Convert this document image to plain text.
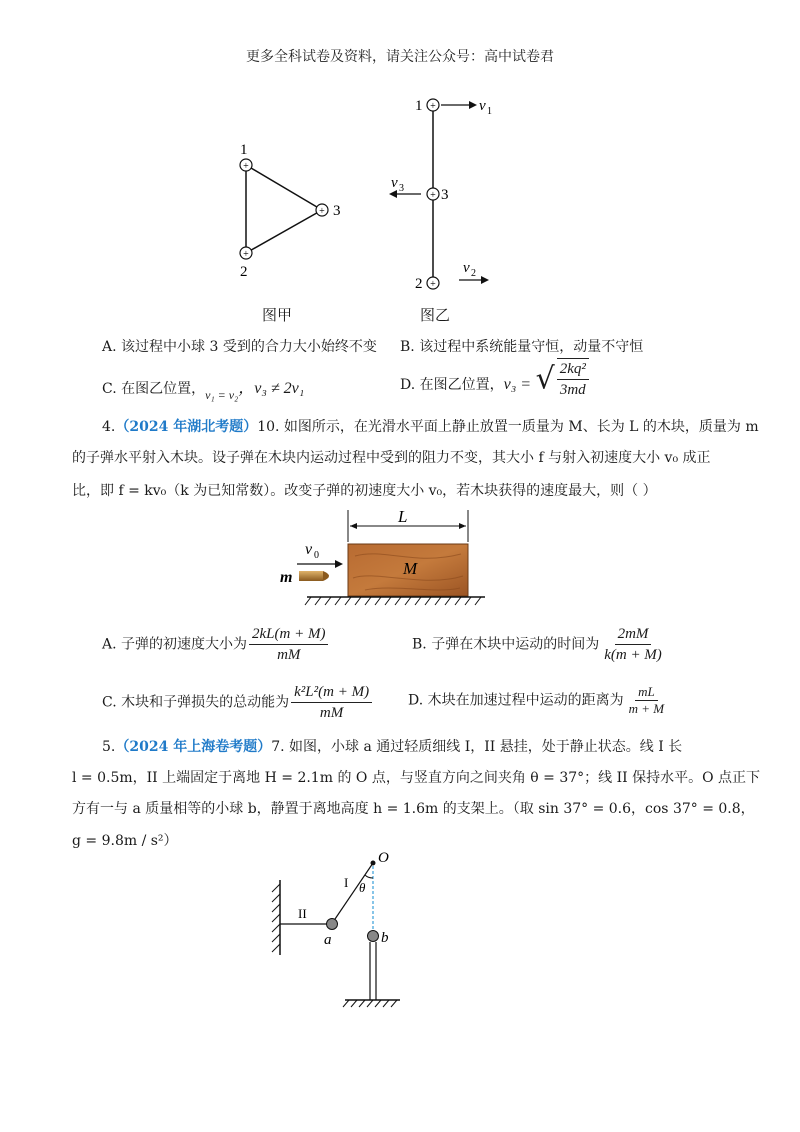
更多全科试卷及资料，请关注公众号：高中试卷君
+
+
+
1
2
3
图甲
+
+
+
1
3
2
v 1
v 3
v 2
图乙
A. 该过程中小球 3 受到的合力大小始终不变 B. 该过程中系统能量守恒，动量不守恒
C. 在图乙位置，v₁ = v₂，v₃ ≠ 2v₁	D. 在图乙位置，v₃ = √ $\frac{\text{2kq²}}{3md}$
4.（2024 年湖北考题）10. 如图所示，在光滑水平面上静止放置一质量为 M、长为 L 的木块，质量为 m
的子弹水平射入木块。设子弹在木块内运动过程中受到的阻力不变，其大小 f 与射入初速度大小 v₀ 成正
比，即 f = kv₀（k 为已知常数）。改变子弹的初速度大小 v₀，若木块获得的速度最大，则（ ）
L
M
v 0
m
A. 子弹的初速度大小为 $\frac{2kL(m + M)}{mM}$	B. 子弹在木块中运动的时间为 $\frac{2mM}{k(m + M)}$
C. 木块和子弹损失的总动能为 $\frac{\text{k²L²(m + M)}}{mM}$	D. 木块在加速过程中运动的距离为 $\frac{mL}{m + M}$
5.（2024 年上海卷考题）7. 如图，小球 a 通过轻质细线 I，II 悬挂，处于静止状态。线 I 长
l = 0.5m，II 上端固定于离地 H = 2.1m 的 O 点，与竖直方向之间夹角 θ = 37°；线 II 保持水平。O 点正下
方有一与 a 质量相等的小球 b，静置于离地高度 h = 1.6m 的支架上。（取 sin 37° = 0.6，cos 37° = 0.8，
g = 9.8m / s²）
II
I
O
θ
a	b
